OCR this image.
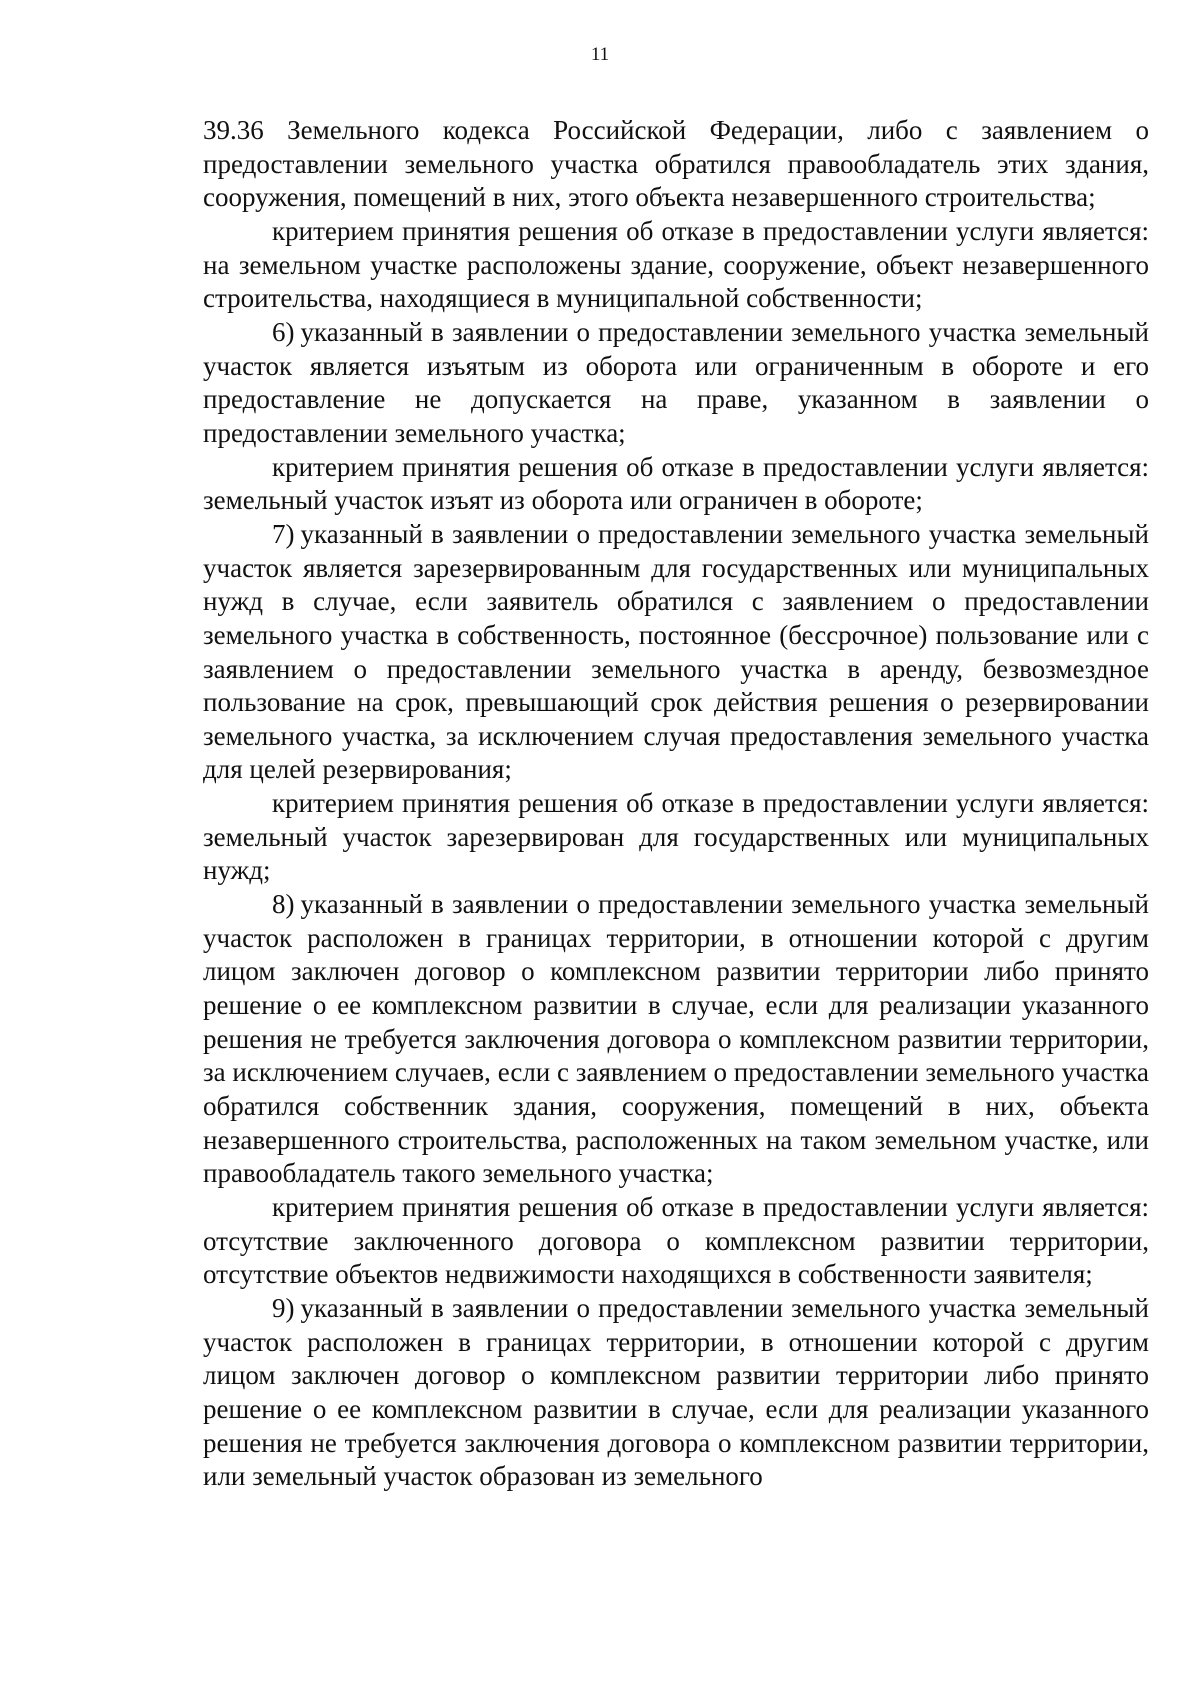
11

39.36 Земельного кодекса Российской Федерации, либо с заявлением о предоставлении земельного участка обратился правообладатель этих здания, сооружения, помещений в них, этого объекта незавершенного строительства;

критерием принятия решения об отказе в предоставлении услуги является: на земельном участке расположены здание, сооружение, объект незавершенного строительства, находящиеся в муниципальной собственности;

6) указанный в заявлении о предоставлении земельного участка земельный участок является изъятым из оборота или ограниченным в обороте и его предоставление не допускается на праве, указанном в заявлении о предоставлении земельного участка;

критерием принятия решения об отказе в предоставлении услуги является: земельный участок изъят из оборота или ограничен в обороте;

7) указанный в заявлении о предоставлении земельного участка земельный участок является зарезервированным для государственных или муниципальных нужд в случае, если заявитель обратился с заявлением о предоставлении земельного участка в собственность, постоянное (бессрочное) пользование или с заявлением о предоставлении земельного участка в аренду, безвозмездное пользование на срок, превышающий срок действия решения о резервировании земельного участка, за исключением случая предоставления земельного участка для целей резервирования;

критерием принятия решения об отказе в предоставлении услуги является: земельный участок зарезервирован для государственных или муниципальных нужд;

8) указанный в заявлении о предоставлении земельного участка земельный участок расположен в границах территории, в отношении которой с другим лицом заключен договор о комплексном развитии территории либо принято решение о ее комплексном развитии в случае, если для реализации указанного решения не требуется заключения договора о комплексном развитии территории, за исключением случаев, если с заявлением о предоставлении земельного участка обратился собственник здания, сооружения, помещений в них, объекта незавершенного строительства, расположенных на таком земельном участке, или правообладатель такого земельного участка;

критерием принятия решения об отказе в предоставлении услуги является: отсутствие заключенного договора о комплексном развитии территории, отсутствие объектов недвижимости находящихся в собственности заявителя;

9) указанный в заявлении о предоставлении земельного участка земельный участок расположен в границах территории, в отношении которой с другим лицом заключен договор о комплексном развитии территории либо принято решение о ее комплексном развитии в случае, если для реализации указанного решения не требуется заключения договора о комплексном развитии территории, или земельный участок образован из земельного
